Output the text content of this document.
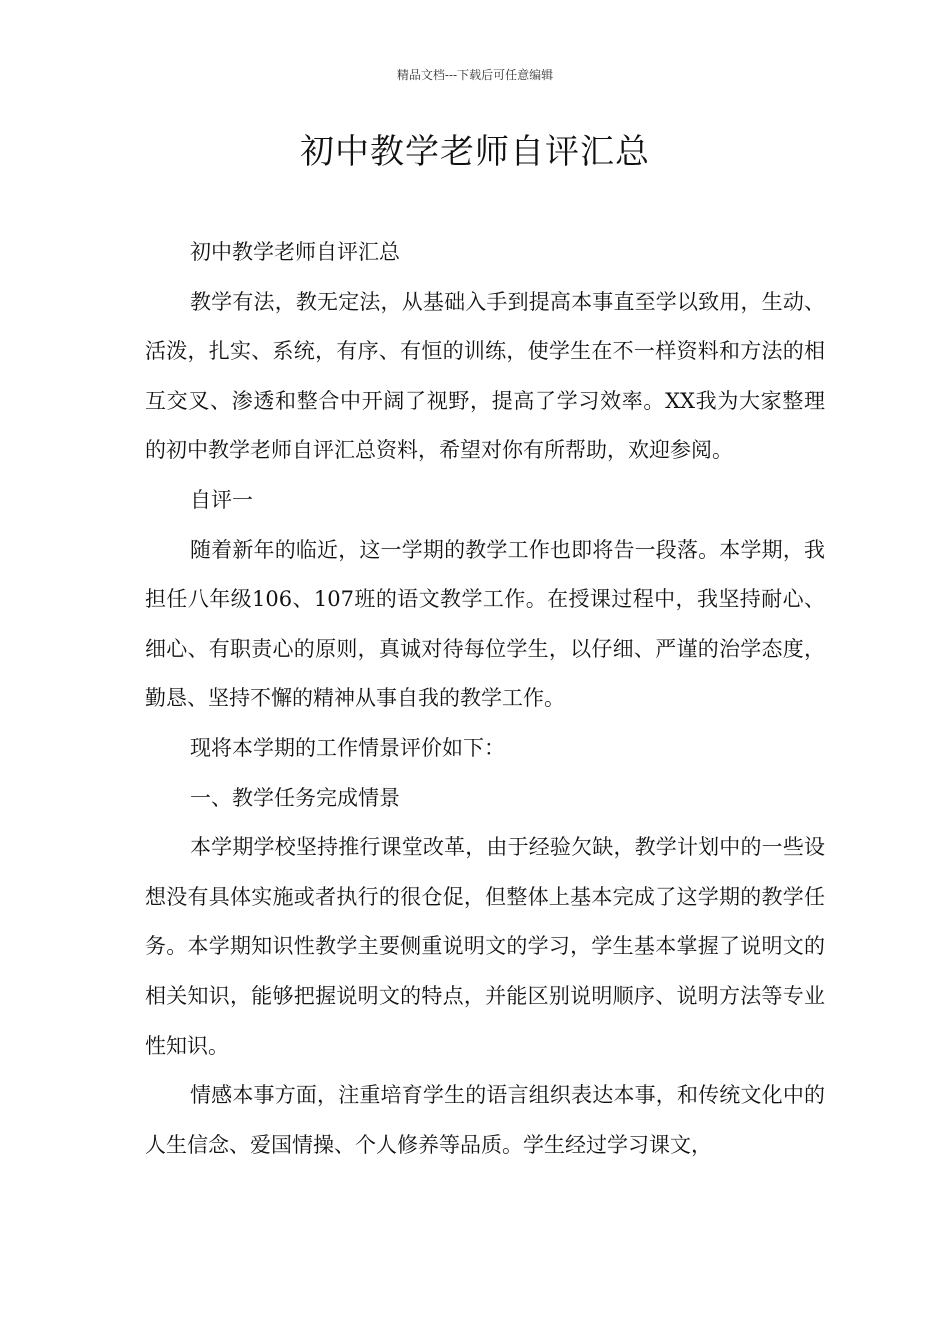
精品文档---下载后可任意编辑
初中教学老师自评汇总

初中教学老师自评汇总

教学有法，教无定法，从基础入手到提高本事直至学以致用，生动、活泼，扎实、系统，有序、有恒的训练，使学生在不一样资料和方法的相互交叉、渗透和整合中开阔了视野，提高了学习效率。XX我为大家整理的初中教学老师自评汇总资料，希望对你有所帮助，欢迎参阅。

自评一

随着新年的临近，这一学期的教学工作也即将告一段落。本学期，我担任八年级106、107班的语文教学工作。在授课过程中，我坚持耐心、细心、有职责心的原则，真诚对待每位学生，以仔细、严谨的治学态度，勤恳、坚持不懈的精神从事自我的教学工作。

现将本学期的工作情景评价如下：

一、教学任务完成情景

本学期学校坚持推行课堂改革，由于经验欠缺，教学计划中的一些设想没有具体实施或者执行的很仓促，但整体上基本完成了这学期的教学任务。本学期知识性教学主要侧重说明文的学习，学生基本掌握了说明文的相关知识，能够把握说明文的特点，并能区别说明顺序、说明方法等专业性知识。

情感本事方面，注重培育学生的语言组织表达本事，和传统文化中的人生信念、爱国情操、个人修养等品质。学生经过学习课文，
